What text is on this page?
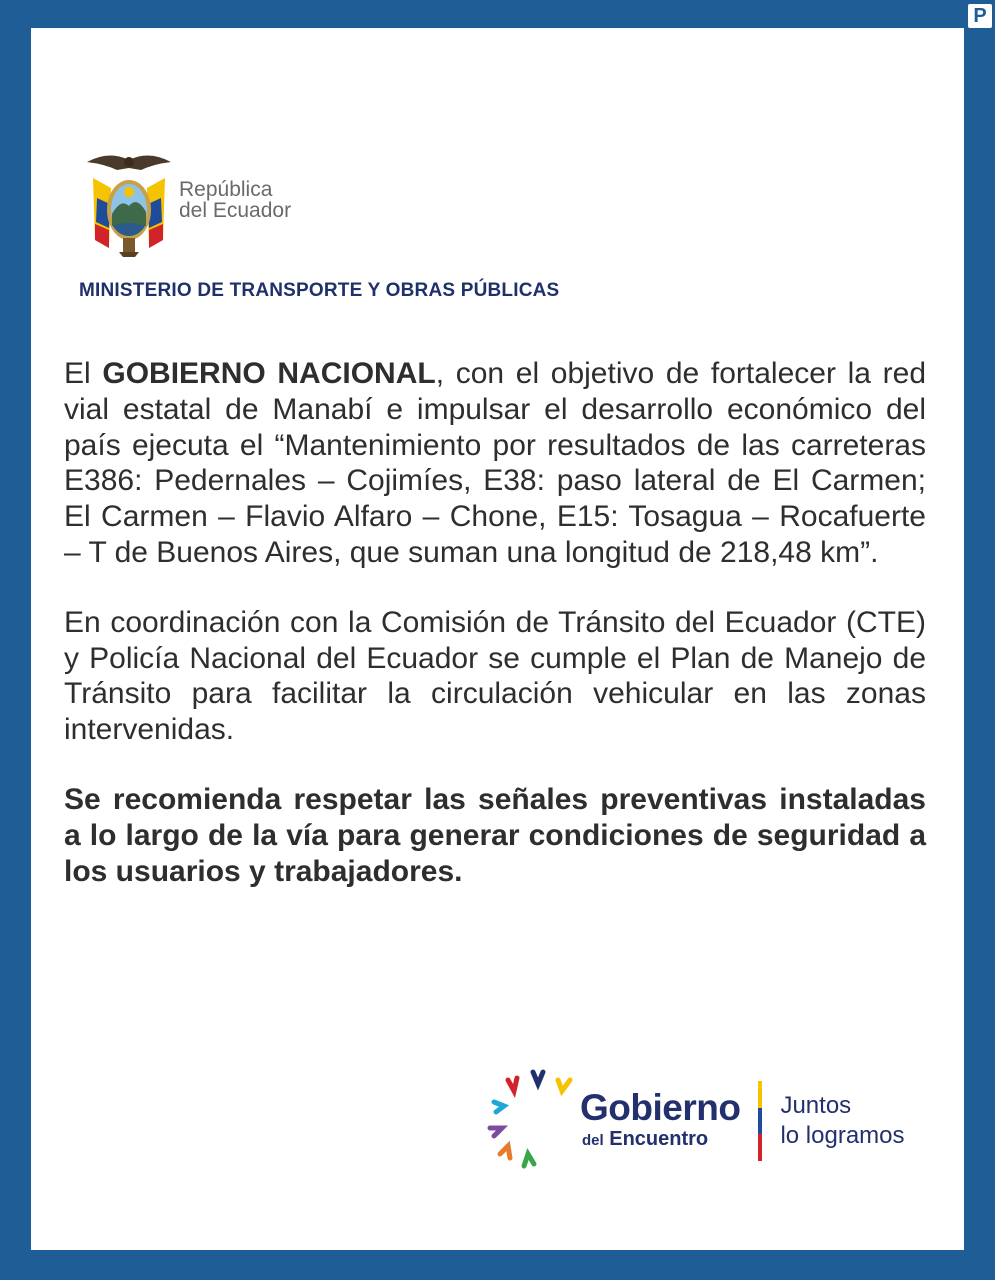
P
República
del Ecuador
MINISTERIO DE TRANSPORTE Y OBRAS PÚBLICAS

El GOBIERNO NACIONAL, con el objetivo de fortalecer la red vial estatal de Manabí e impulsar el desarrollo económico del país ejecuta el “Mantenimiento por resultados de las carreteras E386: Pedernales – Cojimíes, E38: paso lateral de El Carmen; El Carmen – Flavio Alfaro – Chone, E15: Tosagua – Rocafuerte – T de Buenos Aires, que suman una longitud de 218,48 km”.

En coordinación con la Comisión de Tránsito del Ecuador (CTE) y Policía Nacional del Ecuador se cumple el Plan de Manejo de Tránsito para facilitar la circulación vehicular en las zonas intervenidas.

Se recomienda respetar las señales preventivas instaladas a lo largo de la vía para generar condiciones de seguridad a los usuarios y trabajadores.

Gobierno
del Encuentro
Juntos
lo logramos
